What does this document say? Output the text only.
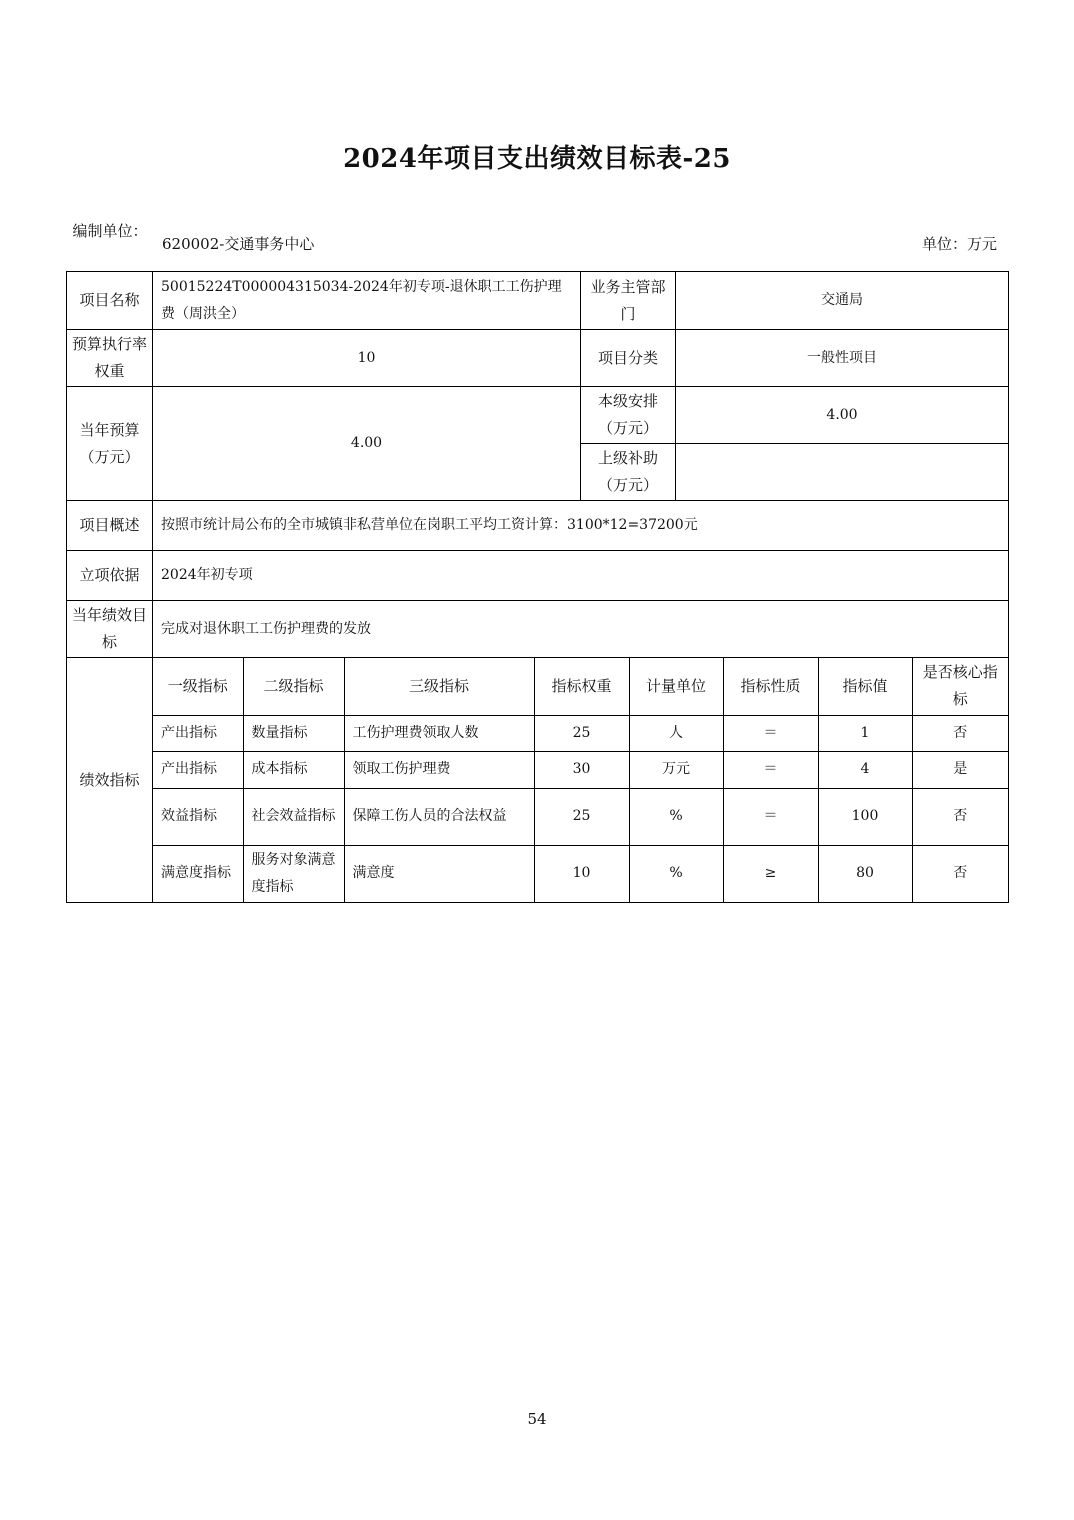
2024年项目支出绩效目标表-25
编制单位：
620002-交通事务中心	单位：万元
项目名称	50015224T000004315034-2024年初专项-退休职工工伤护理费（周洪全）	业务主管部门	交通局
预算执行率权重	10	项目分类	一般性项目
当年预算（万元）	4.00	本级安排（万元）	4.00
上级补助（万元）	
项目概述	按照市统计局公布的全市城镇非私营单位在岗职工平均工资计算：3100*12=37200元
立项依据	2024年初专项
当年绩效目标	完成对退休职工工伤护理费的发放
绩效指标	
一级指标	二级指标	三级指标	指标权重	计量单位	指标性质	指标值	是否核心指标
产出指标	数量指标	工伤护理费领取人数	25	人	＝	1	否
产出指标	成本指标	领取工伤护理费	30	万元	＝	4	是
效益指标	社会效益指标	保障工伤人员的合法权益	25	%	＝	100	否
满意度指标	服务对象满意度指标	满意度	10	%	≥	80	否
54
